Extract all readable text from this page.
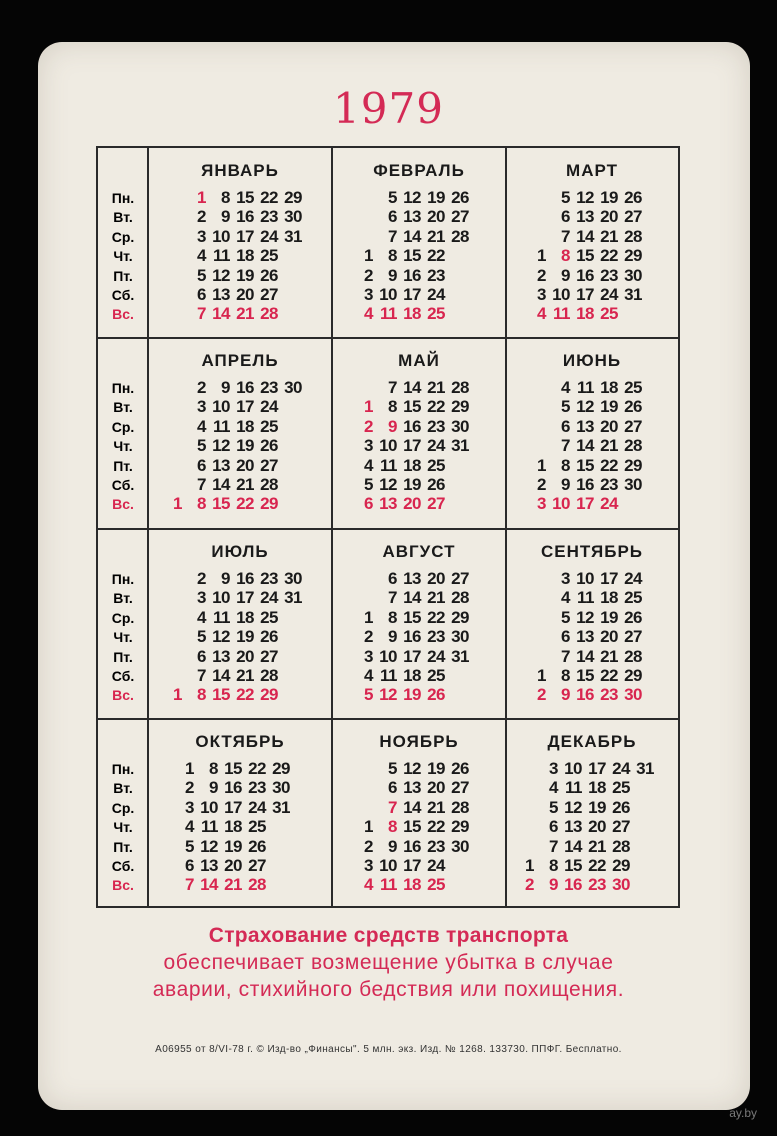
1979
Пн.
Вт.
Ср.
Чт.
Пт.
Сб.
Вс.
ЯНВАРЬ
1 8 15 22 29
2 9 16 23 30
3 10 17 24 31
4 11 18 25
5 12 19 26
6 13 20 27
7 14 21 28
ФЕВРАЛЬ
5 12 19 26
6 13 20 27
7 14 21 28
1 8 15 22
2 9 16 23
3 10 17 24
4 11 18 25
МАРТ
5 12 19 26
6 13 20 27
7 14 21 28
1 8 15 22 29
2 9 16 23 30
3 10 17 24 31
4 11 18 25
Пн.
Вт.
Ср.
Чт.
Пт.
Сб.
Вс.
АПРЕЛЬ
2 9 16 23 30
3 10 17 24
4 11 18 25
5 12 19 26
6 13 20 27
7 14 21 28
1 8 15 22 29
МАЙ
7 14 21 28
1 8 15 22 29
2 9 16 23 30
3 10 17 24 31
4 11 18 25
5 12 19 26
6 13 20 27
ИЮНЬ
4 11 18 25
5 12 19 26
6 13 20 27
7 14 21 28
1 8 15 22 29
2 9 16 23 30
3 10 17 24
Пн.
Вт.
Ср.
Чт.
Пт.
Сб.
Вс.
ИЮЛЬ
2 9 16 23 30
3 10 17 24 31
4 11 18 25
5 12 19 26
6 13 20 27
7 14 21 28
1 8 15 22 29
АВГУСТ
6 13 20 27
7 14 21 28
1 8 15 22 29
2 9 16 23 30
3 10 17 24 31
4 11 18 25
5 12 19 26
СЕНТЯБРЬ
3 10 17 24
4 11 18 25
5 12 19 26
6 13 20 27
7 14 21 28
1 8 15 22 29
2 9 16 23 30
Пн.
Вт.
Ср.
Чт.
Пт.
Сб.
Вс.
ОКТЯБРЬ
1 8 15 22 29
2 9 16 23 30
3 10 17 24 31
4 11 18 25
5 12 19 26
6 13 20 27
7 14 21 28
НОЯБРЬ
5 12 19 26
6 13 20 27
7 14 21 28
1 8 15 22 29
2 9 16 23 30
3 10 17 24
4 11 18 25
ДЕКАБРЬ
3 10 17 24 31
4 11 18 25
5 12 19 26
6 13 20 27
7 14 21 28
1 8 15 22 29
2 9 16 23 30
Страхование средств транспорта
обеспечивает возмещение убытка в случае
аварии, стихийного бедствия или похищения.
А06955 от 8/VI-78 г. © Изд-во „Финансы". 5 млн. экз. Изд. № 1268. 133730. ППФГ. Бесплатно.
ay.by
